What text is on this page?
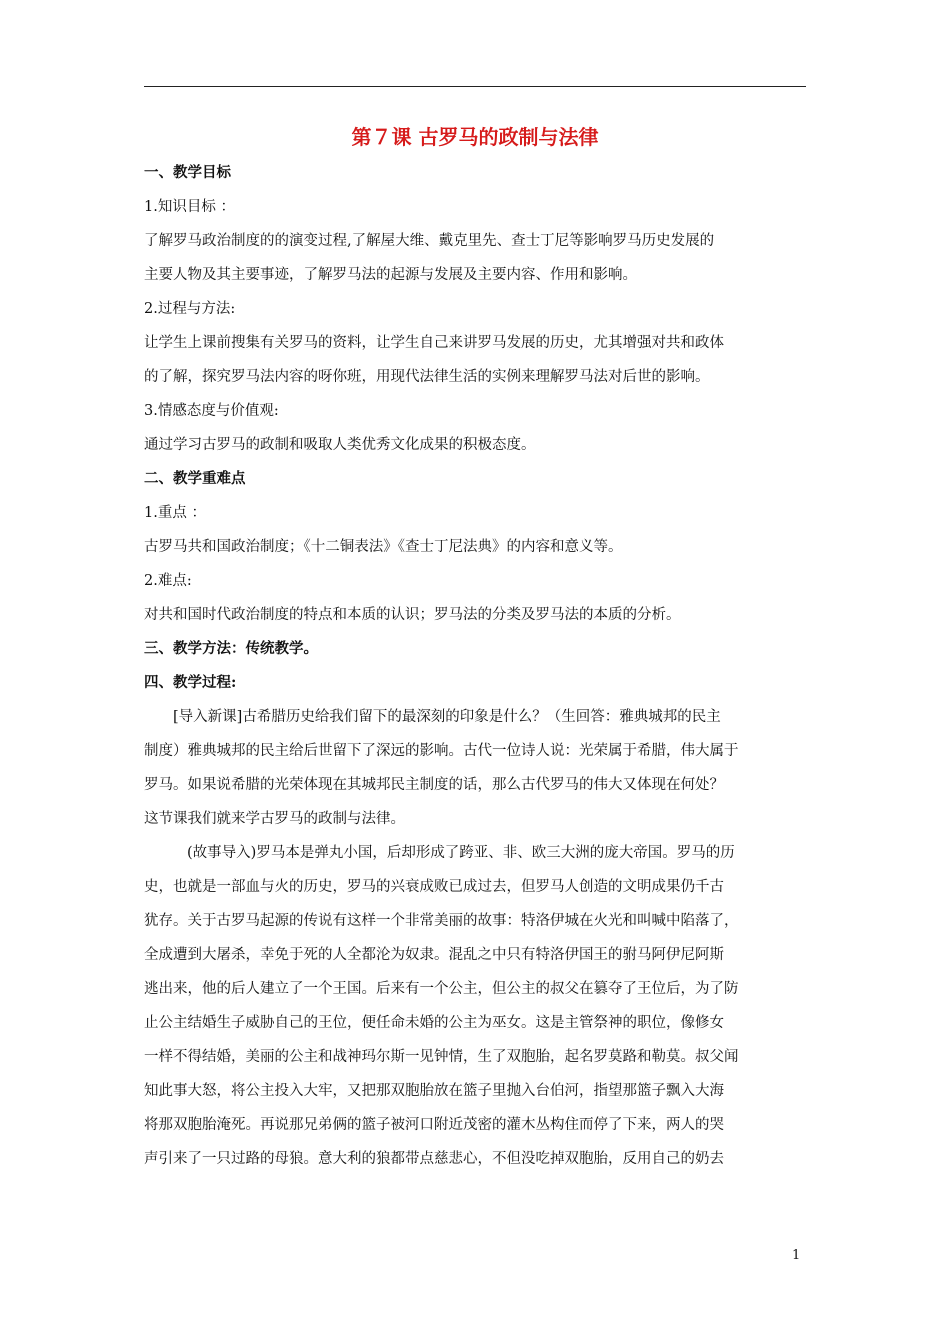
第７课 古罗马的政制与法律

一、教学目标

1.知识目标 ：

了解罗马政治制度的的演变过程,了解屋大维、戴克里先、查士丁尼等影响罗马历史发展的

主要人物及其主要事迹，了解罗马法的起源与发展及主要内容、作用和影响。

2.过程与方法:

让学生上课前搜集有关罗马的资料，让学生自己来讲罗马发展的历史，尤其增强对共和政体

的了解，探究罗马法内容的呀你班，用现代法律生活的实例来理解罗马法对后世的影响。

3.情感态度与价值观:

通过学习古罗马的政制和吸取人类优秀文化成果的积极态度。

二、教学重难点

1.重点 ：

古罗马共和国政治制度；《十二铜表法》《查士丁尼法典》的内容和意义等。

2.难点:

对共和国时代政治制度的特点和本质的认识；罗马法的分类及罗马法的本质的分析。

三、教学方法：传统教学。

四、教学过程:

[导入新课]古希腊历史给我们留下的最深刻的印象是什么？（生回答：雅典城邦的民主

制度）雅典城邦的民主给后世留下了深远的影响。古代一位诗人说：光荣属于希腊，伟大属于

罗马。如果说希腊的光荣体现在其城邦民主制度的话，那么古代罗马的伟大又体现在何处？

这节课我们就来学古罗马的政制与法律。

(故事导入)罗马本是弹丸小国，后却形成了跨亚、非、欧三大洲的庞大帝国。罗马的历

史，也就是一部血与火的历史，罗马的兴衰成败已成过去，但罗马人创造的文明成果仍千古

犹存。关于古罗马起源的传说有这样一个非常美丽的故事：特洛伊城在火光和叫喊中陷落了，

全成遭到大屠杀，幸免于死的人全都沦为奴隶。混乱之中只有特洛伊国王的驸马阿伊尼阿斯

逃出来，他的后人建立了一个王国。后来有一个公主，但公主的叔父在篡夺了王位后，为了防

止公主结婚生子威胁自己的王位，便任命未婚的公主为巫女。这是主管祭神的职位，像修女

一样不得结婚，美丽的公主和战神玛尔斯一见钟情，生了双胞胎，起名罗莫路和勒莫。叔父闻

知此事大怒，将公主投入大牢，又把那双胞胎放在篮子里抛入台伯河，指望那篮子飘入大海

将那双胞胎淹死。再说那兄弟俩的篮子被河口附近茂密的灌木丛构住而停了下来，两人的哭

声引来了一只过路的母狼。意大利的狼都带点慈悲心，不但没吃掉双胞胎，反用自己的奶去

1
